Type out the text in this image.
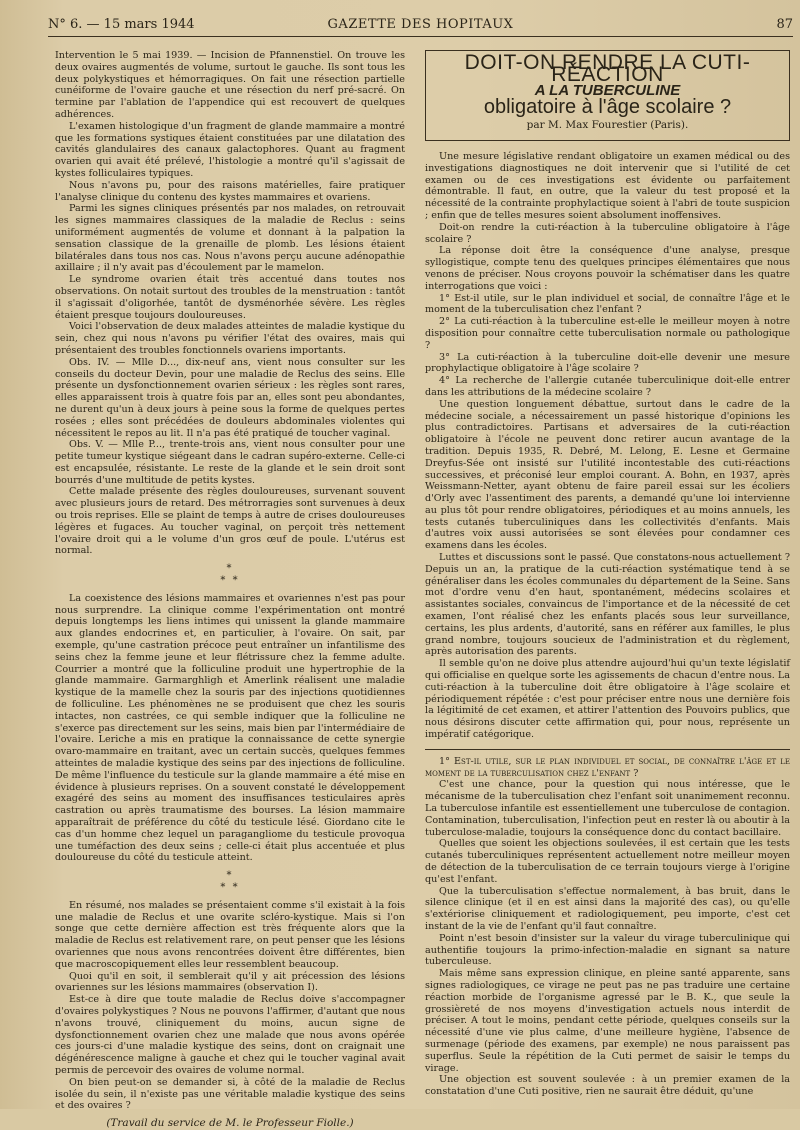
N° 6. — 15 mars 1944	GAZETTE DES HOPITAUX	87

Intervention le 5 mai 1939. — Incision de Pfannenstiel. On trouve les deux ovaires augmentés de volume, surtout le gauche. Ils sont tous les deux polykystiques et hémorragiques. On fait une résection partielle cunéiforme de l'ovaire gauche et une résection du nerf pré-sacré. On termine par l'ablation de l'appendice qui est recouvert de quelques adhérences.

L'examen histologique d'un fragment de glande mammaire a montré que les formations systiques étaient constituées par une dilatation des cavités glandulaires des canaux galactophores. Quant au fragment ovarien qui avait été prélevé, l'histologie a montré qu'il s'agissait de kystes folliculaires typiques.

Nous n'avons pu, pour des raisons matérielles, faire pratiquer l'analyse clinique du contenu des kystes mammaires et ovariens.

Parmi les signes cliniques présentés par nos malades, on retrouvait les signes mammaires classiques de la maladie de Reclus : seins uniformément augmentés de volume et donnant à la palpation la sensation classique de la grenaille de plomb. Les lésions étaient bilatérales dans tous nos cas. Nous n'avons perçu aucune adénopathie axillaire ; il n'y avait pas d'écoulement par le mamelon.

Le syndrome ovarien était très accentué dans toutes nos observations. On notait surtout des troubles de la menstruation : tantôt il s'agissait d'oligorhée, tantôt de dysménorhée sévère. Les règles étaient presque toujours douloureuses.

Voici l'observation de deux malades atteintes de maladie kystique du sein, chez qui nous n'avons pu vérifier l'état des ovaires, mais qui présentaient des troubles fonctionnels ovariens importants.

Obs. IV. — Mlle D..., dix-neuf ans, vient nous consulter sur les conseils du docteur Devin, pour une maladie de Reclus des seins. Elle présente un dysfonctionnement ovarien sérieux : les règles sont rares, elles apparaissent trois à quatre fois par an, elles sont peu abondantes, ne durent qu'un à deux jours à peine sous la forme de quelques pertes rosées ; elles sont précédées de douleurs abdominales violentes qui nécessitent le repos au lit. Il n'a pas été pratiqué de toucher vaginal.

Obs. V. — Mlle P..., trente-trois ans, vient nous consulter pour une petite tumeur kystique siégeant dans le cadran supéro-externe. Celle-ci est encapsulée, résistante. Le reste de la glande et le sein droit sont bourrés d'une multitude de petits kystes.

Cette malade présente des règles douloureuses, survenant souvent avec plusieurs jours de retard. Des métrorragies sont survenues à deux ou trois reprises. Elle se plaint de temps à autre de crises douloureuses légères et fugaces. Au toucher vaginal, on perçoit très nettement l'ovaire droit qui a le volume d'un gros œuf de poule. L'utérus est normal.

*
* *

La coexistence des lésions mammaires et ovariennes n'est pas pour nous surprendre. La clinique comme l'expérimentation ont montré depuis longtemps les liens intimes qui unissent la glande mammaire aux glandes endocrines et, en particulier, à l'ovaire. On sait, par exemple, qu'une castration précoce peut entraîner un infantilisme des seins chez la femme jeune et leur flétrissure chez la femme adulte. Courrier a montré que la folliculine produit une hypertrophie de la glande mammaire. Garmarghligh et Amerlink réalisent une maladie kystique de la mamelle chez la souris par des injections quotidiennes de folliculine. Les phénomènes ne se produisent que chez les souris intactes, non castrées, ce qui semble indiquer que la folliculine ne s'exerce pas directement sur les seins, mais bien par l'intermédiaire de l'ovaire. Leriche a mis en pratique la connaissance de cette synergie ovaro-mammaire en traitant, avec un certain succès, quelques femmes atteintes de maladie kystique des seins par des injections de folliculine. De même l'influence du testicule sur la glande mammaire a été mise en évidence à plusieurs reprises. On a souvent constaté le développement exagéré des seins au moment des insuffisances testiculaires après castration ou après traumatisme des bourses. La lésion mammaire apparaîtrait de préférence du côté du testicule lésé. Giordano cite le cas d'un homme chez lequel un paragangliome du testicule provoqua une tuméfaction des deux seins ; celle-ci était plus accentuée et plus douloureuse du côté du testicule atteint.

*
* *

En résumé, nos malades se présentaient comme s'il existait à la fois une maladie de Reclus et une ovarite scléro-kystique. Mais si l'on songe que cette dernière affection est très fréquente alors que la maladie de Reclus est relativement rare, on peut penser que les lésions ovariennes que nous avons rencontrées doivent être différentes, bien que macroscopiquement elles leur ressemblent beaucoup.

Quoi qu'il en soit, il semblerait qu'il y ait précession des lésions ovariennes sur les lésions mammaires (observation I).

Est-ce à dire que toute maladie de Reclus doive s'accompagner d'ovaires polykystiques ? Nous ne pouvons l'affirmer, d'autant que nous n'avons trouvé, cliniquement du moins, aucun signe de dysfonctionnement ovarien chez une malade que nous avons opérée ces jours-ci d'une maladie kystique des seins, dont on craignait une dégénérescence maligne à gauche et chez qui le toucher vaginal avait permis de percevoir des ovaires de volume normal.

On bien peut-on se demander si, à côté de la maladie de Reclus isolée du sein, il n'existe pas une véritable maladie kystique des seins et des ovaires ?

(Travail du service de M. le Professeur Fiolle.)
DOIT-ON RENDRE LA CUTI-RÉACTION
A LA TUBERCULINE
obligatoire à l'âge scolaire ?
par M. Max Fourestier (Paris).

Une mesure législative rendant obligatoire un examen médical ou des investigations diagnostiques ne doit intervenir que si l'utilité de cet examen ou de ces investigations est évidente ou parfaitement démontrable. Il faut, en outre, que la valeur du test proposé et la nécessité de la contrainte prophylactique soient à l'abri de toute suspicion ; enfin que de telles mesures soient absolument inoffensives.

Doit-on rendre la cuti-réaction à la tuberculine obligatoire à l'âge scolaire ?

La réponse doit être la conséquence d'une analyse, presque syllogistique, compte tenu des quelques principes élémentaires que nous venons de préciser. Nous croyons pouvoir la schématiser dans les quatre interrogations que voici :

1° Est-il utile, sur le plan individuel et social, de connaître l'âge et le moment de la tuberculisation chez l'enfant ?

2° La cuti-réaction à la tuberculine est-elle le meilleur moyen à notre disposition pour connaître cette tuberculisation normale ou pathologique ?

3° La cuti-réaction à la tuberculine doit-elle devenir une mesure prophylactique obligatoire à l'âge scolaire ?

4° La recherche de l'allergie cutanée tuberculinique doit-elle entrer dans les attributions de la médecine scolaire ?

Une question longuement débattue, surtout dans le cadre de la médecine sociale, a nécessairement un passé historique d'opinions les plus contradictoires. Partisans et adversaires de la cuti-réaction obligatoire à l'école ne peuvent donc retirer aucun avantage de la tradition. Depuis 1935, R. Debré, M. Lelong, E. Lesne et Germaine Dreyfus-Sée ont insisté sur l'utilité incontestable des cuti-réactions successives, et préconisé leur emploi courant. A. Bohn, en 1937, après Weissmann-Netter, ayant obtenu de faire pareil essai sur les écoliers d'Orly avec l'assentiment des parents, a demandé qu'une loi intervienne au plus tôt pour rendre obligatoires, périodiques et au moins annuels, les tests cutanés tuberculiniques dans les collectivités d'enfants. Mais d'autres voix aussi autorisées se sont élevées pour condamner ces examens dans les écoles.

Luttes et discussions sont le passé. Que constatons-nous actuellement ? Depuis un an, la pratique de la cuti-réaction systématique tend à se généraliser dans les écoles communales du département de la Seine. Sans mot d'ordre venu d'en haut, spontanément, médecins scolaires et assistantes sociales, convaincus de l'importance et de la nécessité de cet examen, l'ont réalisé chez les enfants placés sous leur surveillance, certains, les plus ardents, d'autorité, sans en référer aux familles, le plus grand nombre, toujours soucieux de l'administration et du règlement, après autorisation des parents.

Il semble qu'on ne doive plus attendre aujourd'hui qu'un texte législatif qui officialise en quelque sorte les agissements de chacun d'entre nous. La cuti-réaction à la tuberculine doit être obligatoire à l'âge scolaire et périodiquement répétée : c'est pour préciser entre nous une dernière fois la légitimité de cet examen, et attirer l'attention des Pouvoirs publics, que nous désirons discuter cette affirmation qui, pour nous, représente un impératif catégorique.

1° Est-il utile, sur le plan individuel et social, de connaître l'âge et le moment de la tuberculisation chez l'enfant ?

C'est une chance, pour la question qui nous intéresse, que le mécanisme de la tuberculisation chez l'enfant soit unanimement reconnu. La tuberculose infantile est essentiellement une tuberculose de contagion. Contamination, tuberculisation, l'infection peut en rester là ou aboutir à la tuberculose-maladie, toujours la conséquence donc du contact bacillaire.

Quelles que soient les objections soulevées, il est certain que les tests cutanés tuberculiniques représentent actuellement notre meilleur moyen de détection de la tuberculisation de ce terrain toujours vierge à l'origine qu'est l'enfant.

Que la tuberculisation s'effectue normalement, à bas bruit, dans le silence clinique (et il en est ainsi dans la majorité des cas), ou qu'elle s'extériorise cliniquement et radiologiquement, peu importe, c'est cet instant de la vie de l'enfant qu'il faut connaître.

Point n'est besoin d'insister sur la valeur du virage tuberculinique qui authentifie toujours la primo-infection-maladie en signant sa nature tuberculeuse.

Mais même sans expression clinique, en pleine santé apparente, sans signes radiologiques, ce virage ne peut pas ne pas traduire une certaine réaction morbide de l'organisme agressé par le B. K., que seule la grossièreté de nos moyens d'investigation actuels nous interdit de préciser. A tout le moins, pendant cette période, quelques conseils sur la nécessité d'une vie plus calme, d'une meilleure hygiène, l'absence de surmenage (période des examens, par exemple) ne nous paraissent pas superflus. Seule la répétition de la Cuti permet de saisir le temps du virage.

Une objection est souvent soulevée : à un premier examen de la constatation d'une Cuti positive, rien ne saurait être déduit, qu'une
